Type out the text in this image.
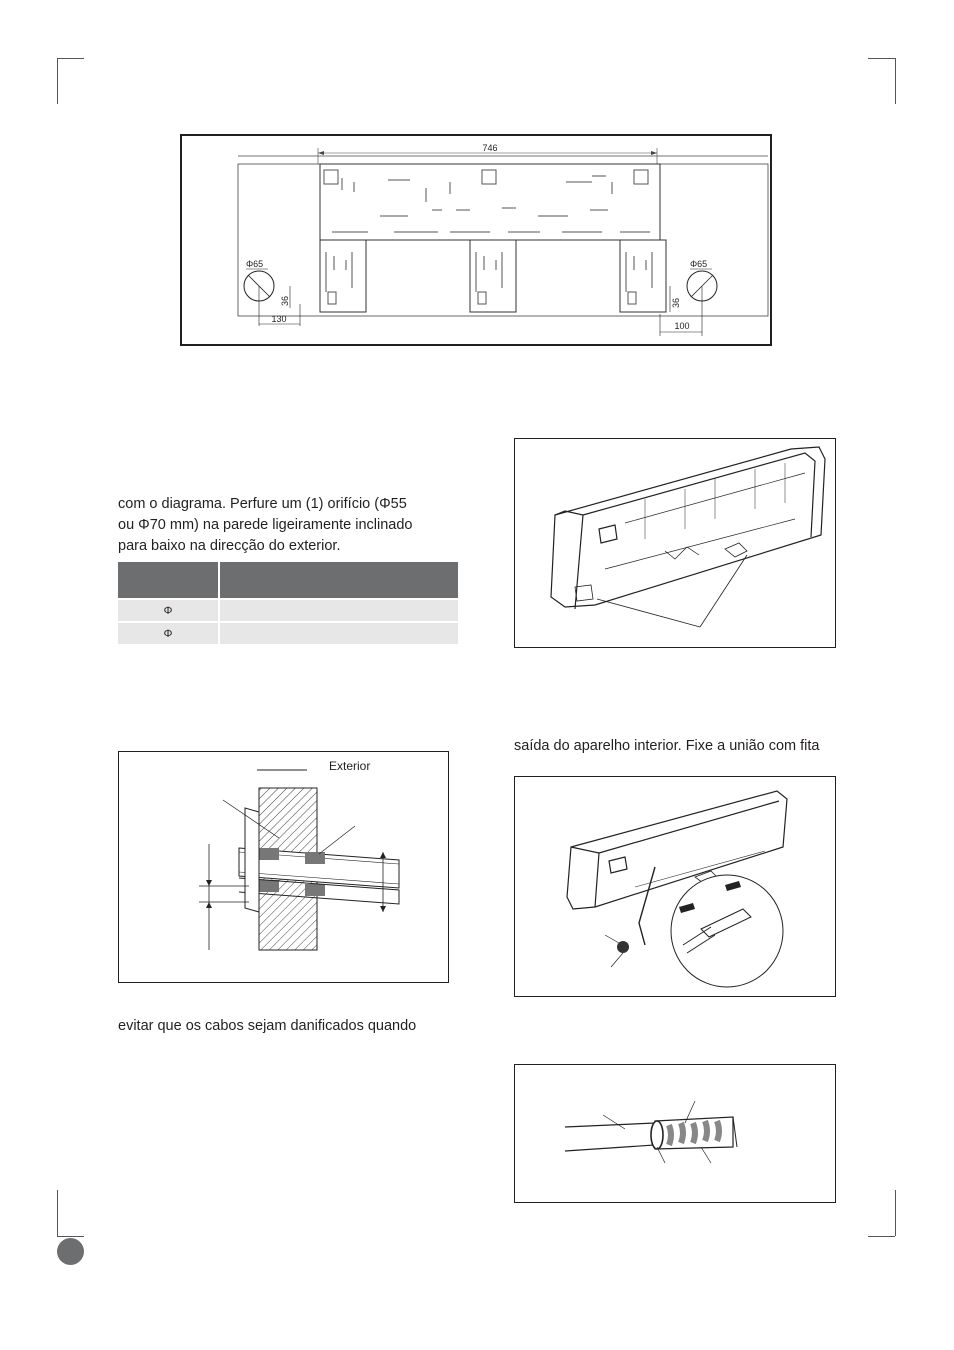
746
Φ65
36
130
Φ65
36
100

com o diagrama. Perfure um (1) orifício (Φ55
ou Φ70 mm) na parede ligeiramente inclinado
para baixo na direcção do exterior.

Φ	
Φ	
Exterior

evitar que os cabos sejam danificados quando

saída do aparelho interior. Fixe a união com fita
